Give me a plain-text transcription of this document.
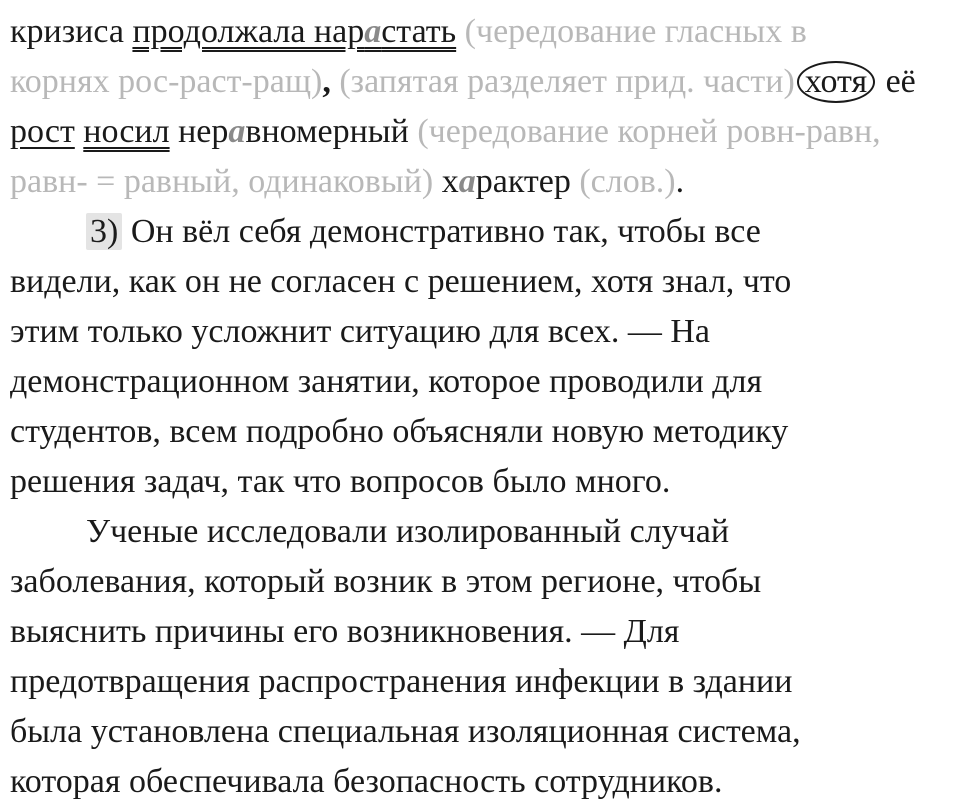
кризиса продолжала нарастать (чередование гласных в
корнях рос-раст-ращ), (запятая разделяет прид. части) хотя её
рост носил неравномерный (чередование корней ровн-равн,
равн- = равный, одинаковый) характер (слов.).
3) Он вёл себя демонстративно так, чтобы все
видели, как он не согласен с решением, хотя знал, что
этим только усложнит ситуацию для всех. — На
демонстрационном занятии, которое проводили для
студентов, всем подробно объясняли новую методику
решения задач, так что вопросов было много.
Ученые исследовали изолированный случай
заболевания, который возник в этом регионе, чтобы
выяснить причины его возникновения. — Для
предотвращения распространения инфекции в здании
была установлена специальная изоляционная система,
которая обеспечивала безопасность сотрудников.
